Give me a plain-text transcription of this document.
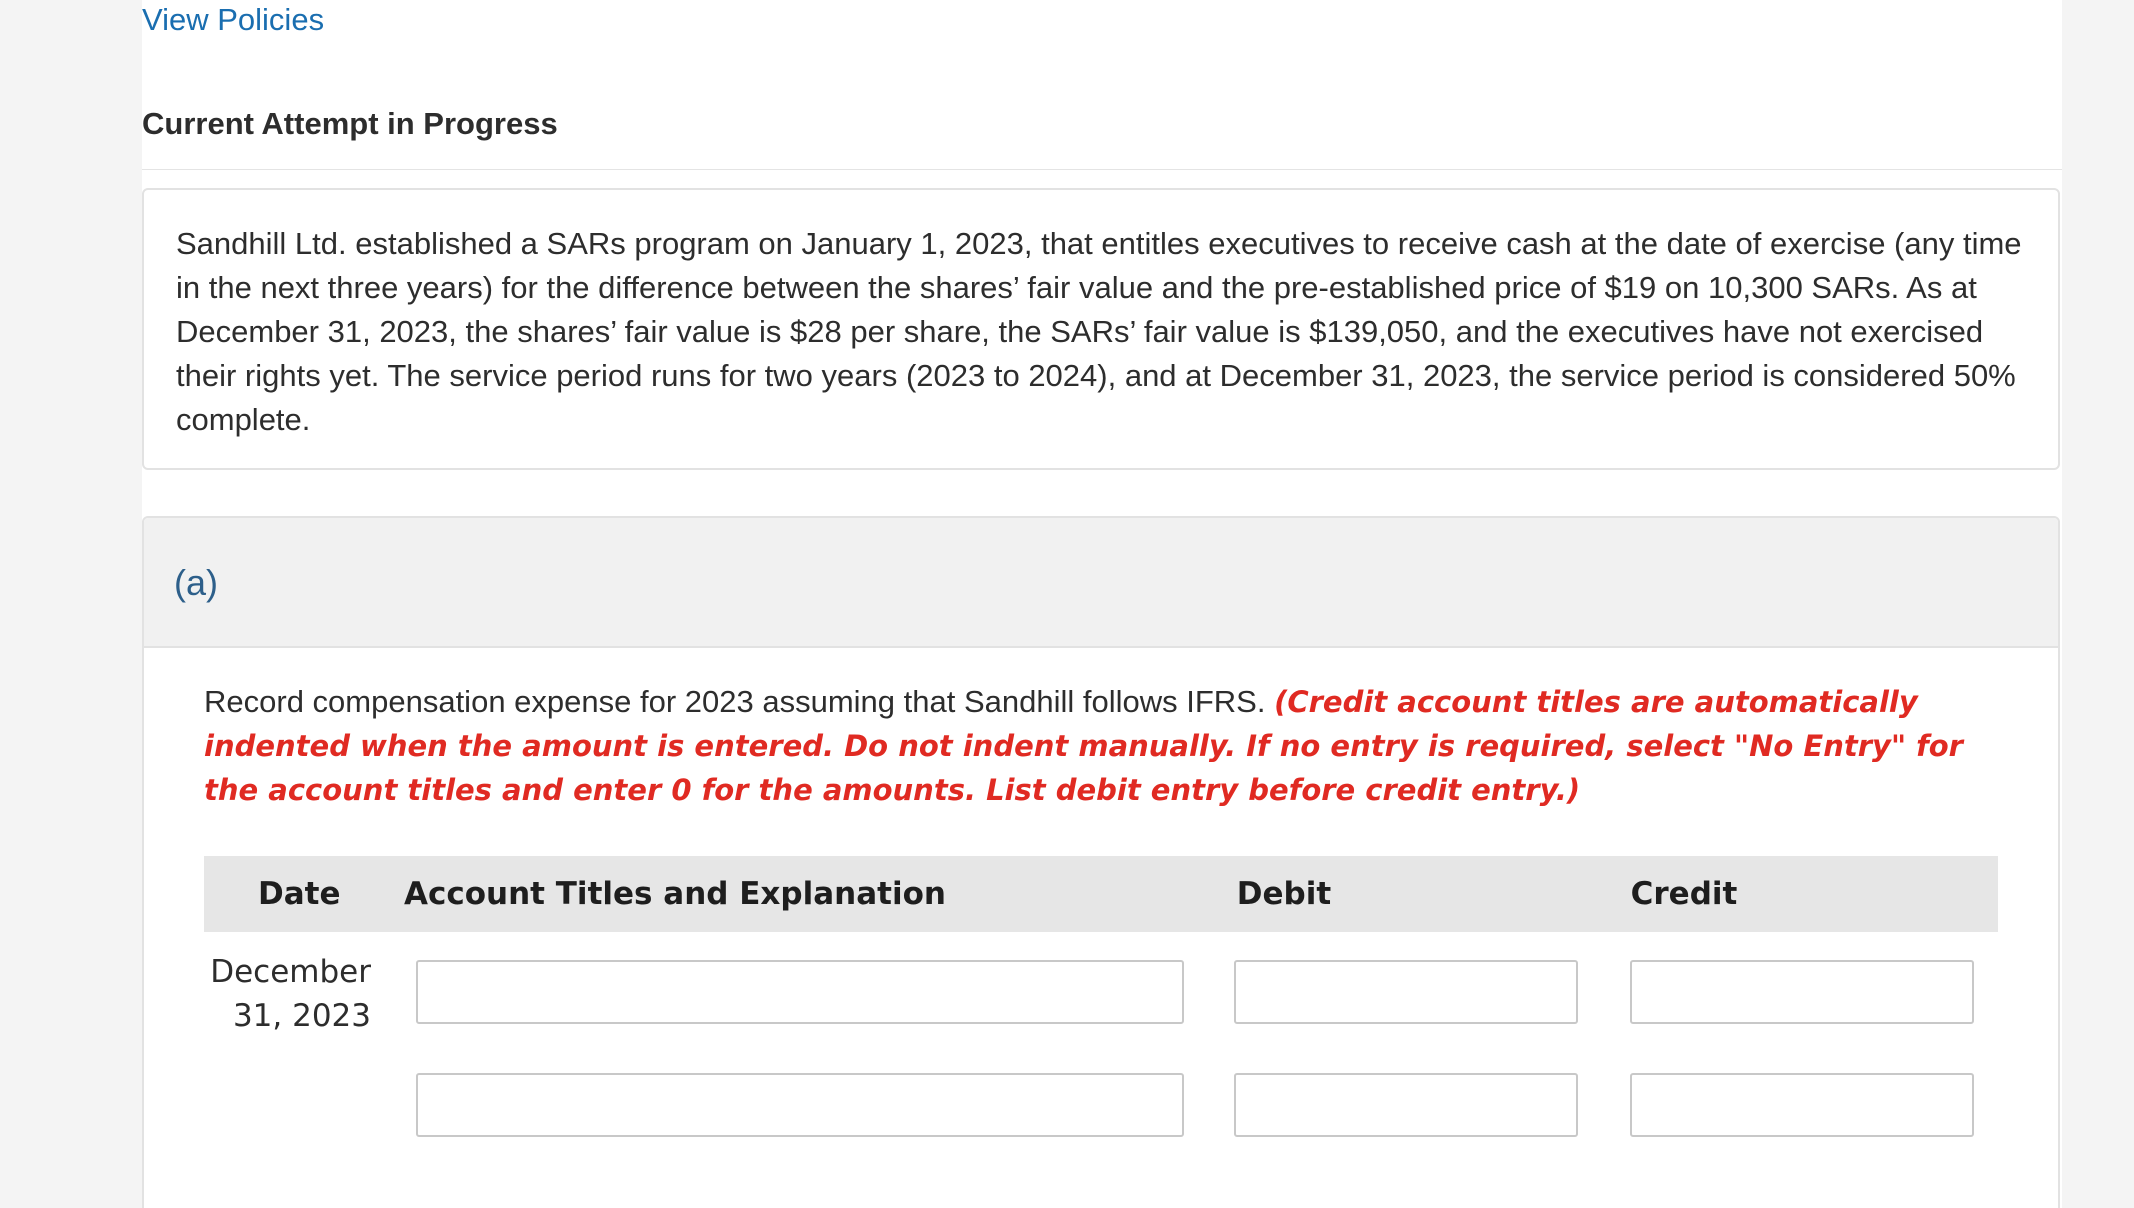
View Policies
Current Attempt in Progress

Sandhill Ltd. established a SARs program on January 1, 2023, that entitles executives to receive cash at the date of exercise (any time in the next three years) for the difference between the shares’ fair value and the pre-established price of $19 on 10,300 SARs. As at December 31, 2023, the shares’ fair value is $28 per share, the SARs’ fair value is $139,050, and the executives have not exercised their rights yet. The service period runs for two years (2023 to 2024), and at December 31, 2023, the service period is considered 50% complete.

(a)

Record compensation expense for 2023 assuming that Sandhill follows IFRS. (Credit account titles are automatically indented when the amount is entered. Do not indent manually. If no entry is required, select "No Entry" for the account titles and enter 0 for the amounts. List debit entry before credit entry.)

Date Account Titles and Explanation	Debit	Credit
December
31, 2023
